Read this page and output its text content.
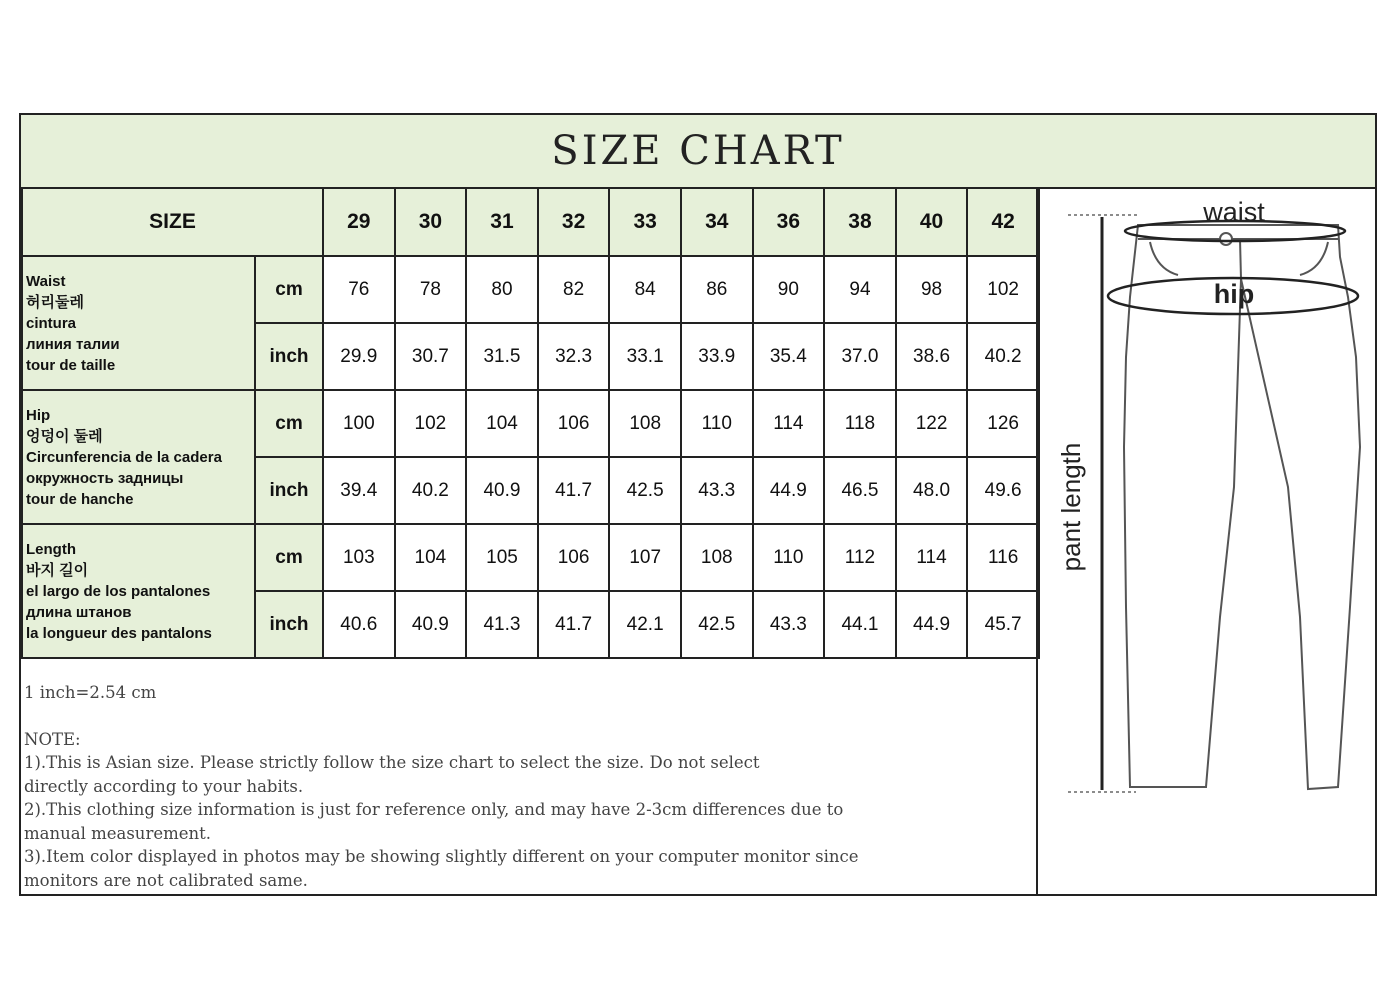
SIZE CHART
SIZE		29	30	31	32	33	34	36	38	40	42

Waist
허리둘레
cintura
линия талии
tour de taille	cm	76	78	80	82	84	86	90	94	98	102
	inch	29.9	30.7	31.5	32.3	33.1	33.9	35.4	37.0	38.6	40.2

Hip
엉덩이 둘레
Circunferencia de la cadera
окружность задницы
tour de hanche	cm	100	102	104	106	108	110	114	118	122	126
	inch	39.4	40.2	40.9	41.7	42.5	43.3	44.9	46.5	48.0	49.6

Length
바지 길이
el largo de los pantalones
длина штанов
la longueur des pantalons	cm	103	104	105	106	107	108	110	112	114	116
	inch	40.6	40.9	41.3	41.7	42.1	42.5	43.3	44.1	44.9	45.7

1 inch=2.54 cm

NOTE:

1).This is Asian size. Please strictly follow the size chart to select the size. Do not select

directly according to your habits.

2).This clothing size information is just for reference only, and may have 2-3cm differences due to

manual measurement.

3).Item color displayed in photos may be showing slightly different on your computer monitor since

monitors are not calibrated same.

waist
hip
pant length
